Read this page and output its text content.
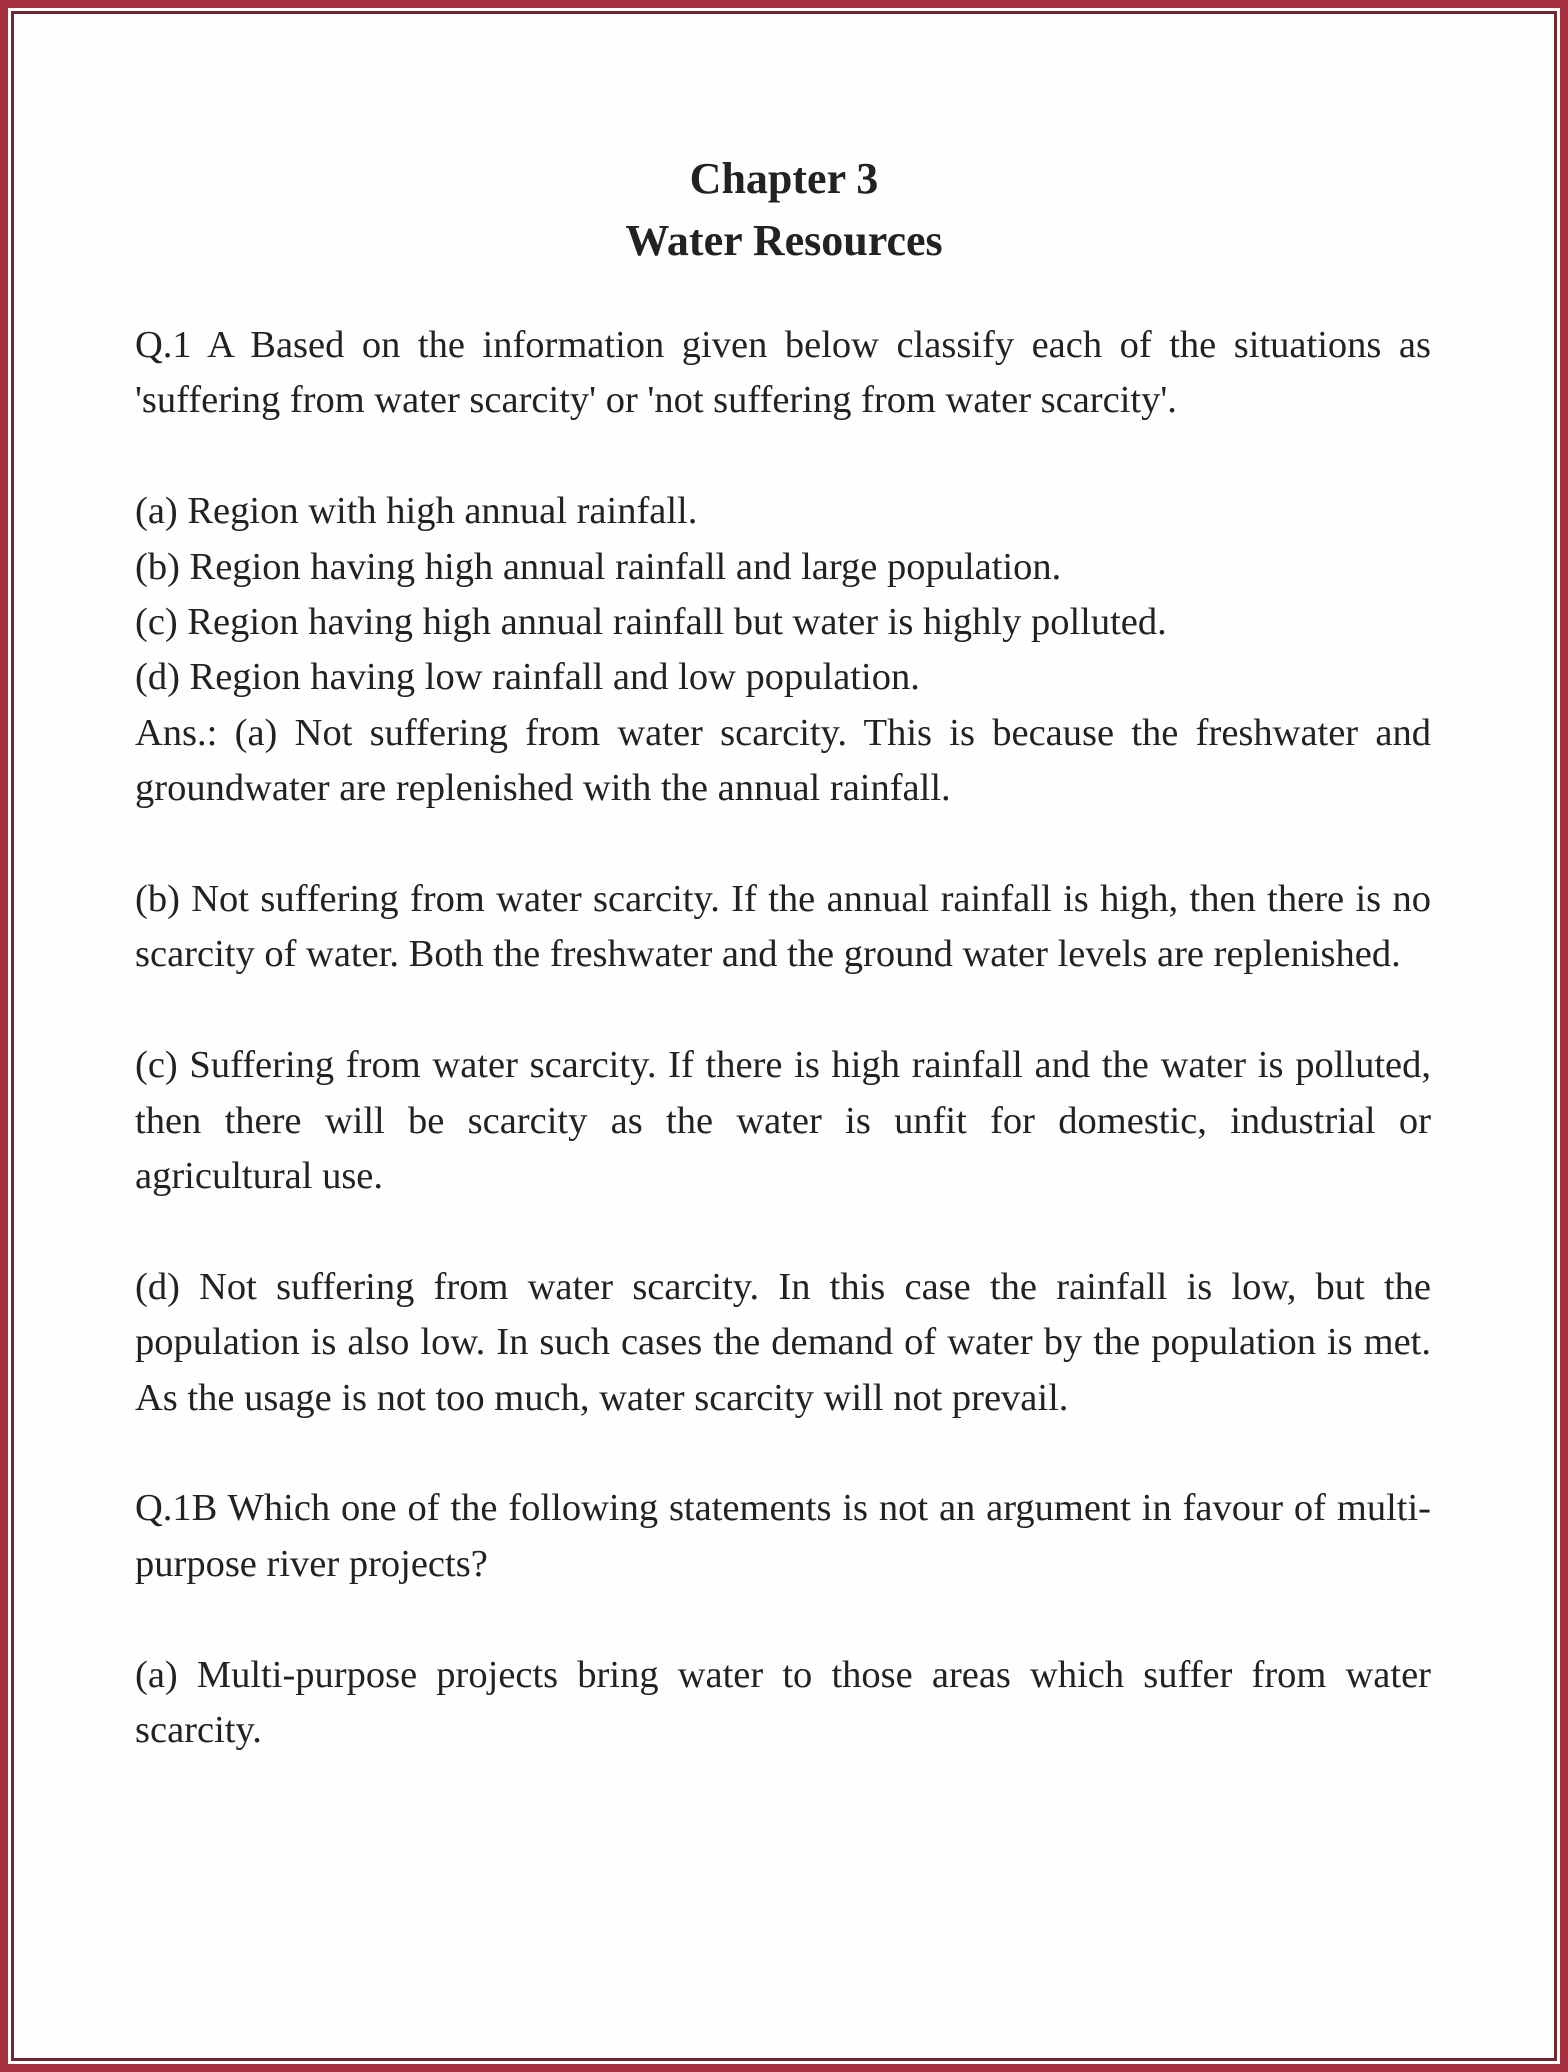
Chapter 3
Water Resources

Q.1 A Based on the information given below classify each of the situations as 'suffering from water scarcity' or 'not suffering from water scarcity'.

(a) Region with high annual rainfall.

(b) Region having high annual rainfall and large population.

(c) Region having high annual rainfall but water is highly polluted.

(d) Region having low rainfall and low population.

Ans.: (a) Not suffering from water scarcity. This is because the freshwater and groundwater are replenished with the annual rainfall.

(b) Not suffering from water scarcity. If the annual rainfall is high, then there is no scarcity of water. Both the freshwater and the ground water levels are replenished.

(c) Suffering from water scarcity. If there is high rainfall and the water is polluted, then there will be scarcity as the water is unfit for domestic, industrial or agricultural use.

(d) Not suffering from water scarcity. In this case the rainfall is low, but the population is also low. In such cases the demand of water by the population is met. As the usage is not too much, water scarcity will not prevail.

Q.1B Which one of the following statements is not an argument in favour of multi-purpose river projects?

(a) Multi-purpose projects bring water to those areas which suffer from water scarcity.
